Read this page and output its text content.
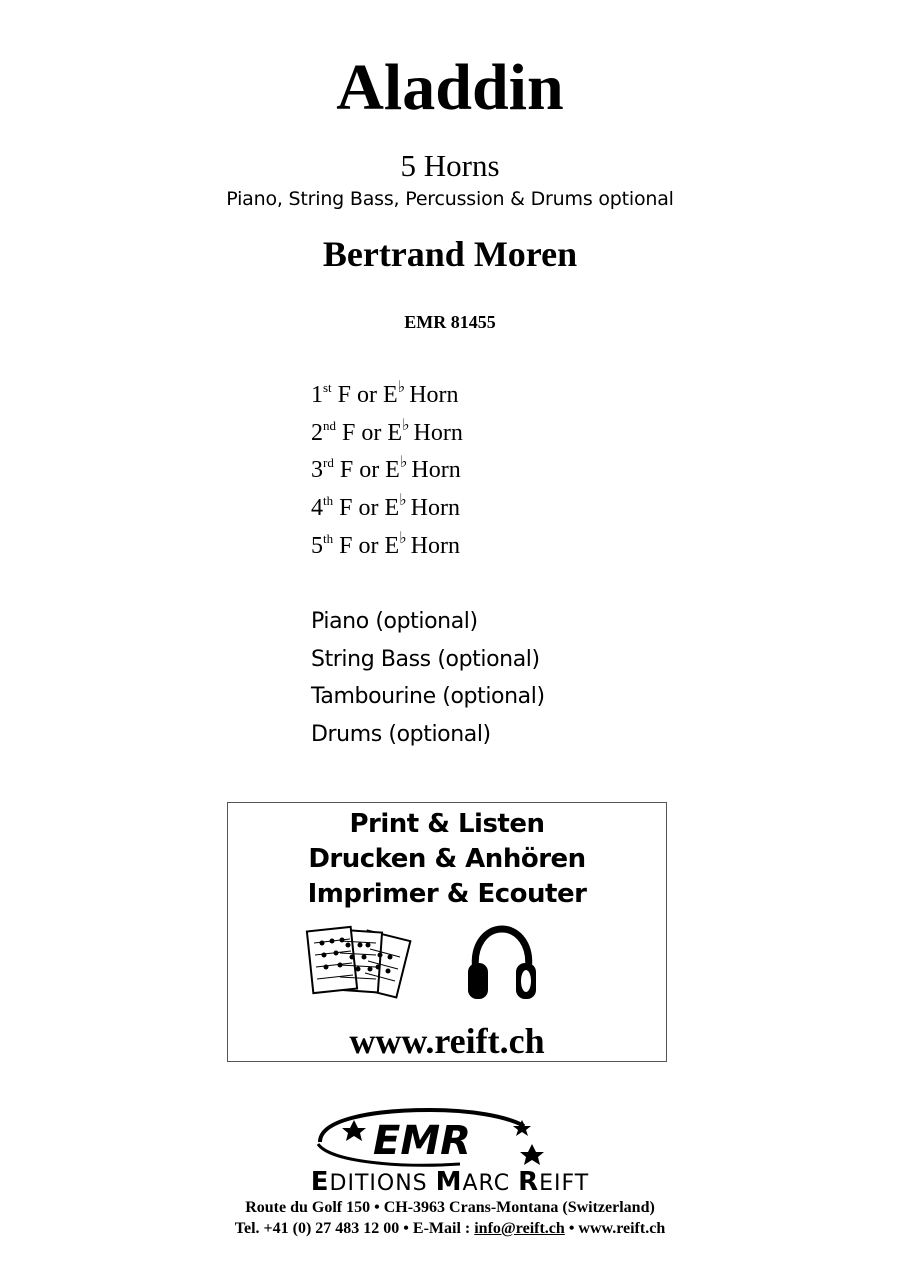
Aladdin
5 Horns
Piano, String Bass, Percussion & Drums optional
Bertrand Moren
EMR 81455
1st F or E♭ Horn
2nd F or E♭ Horn
3rd F or E♭ Horn
4th F or E♭ Horn
5th F or E♭ Horn
Piano (optional)
String Bass (optional)
Tambourine (optional)
Drums (optional)
Print & Listen
Drucken & Anhören
Imprimer & Ecouter
www.reift.ch
EMR
EDITIONS MARC REIFT
Route du Golf 150 • CH-3963 Crans-Montana (Switzerland)
Tel. +41 (0) 27 483 12 00 • E-Mail : info@reift.ch • www.reift.ch
